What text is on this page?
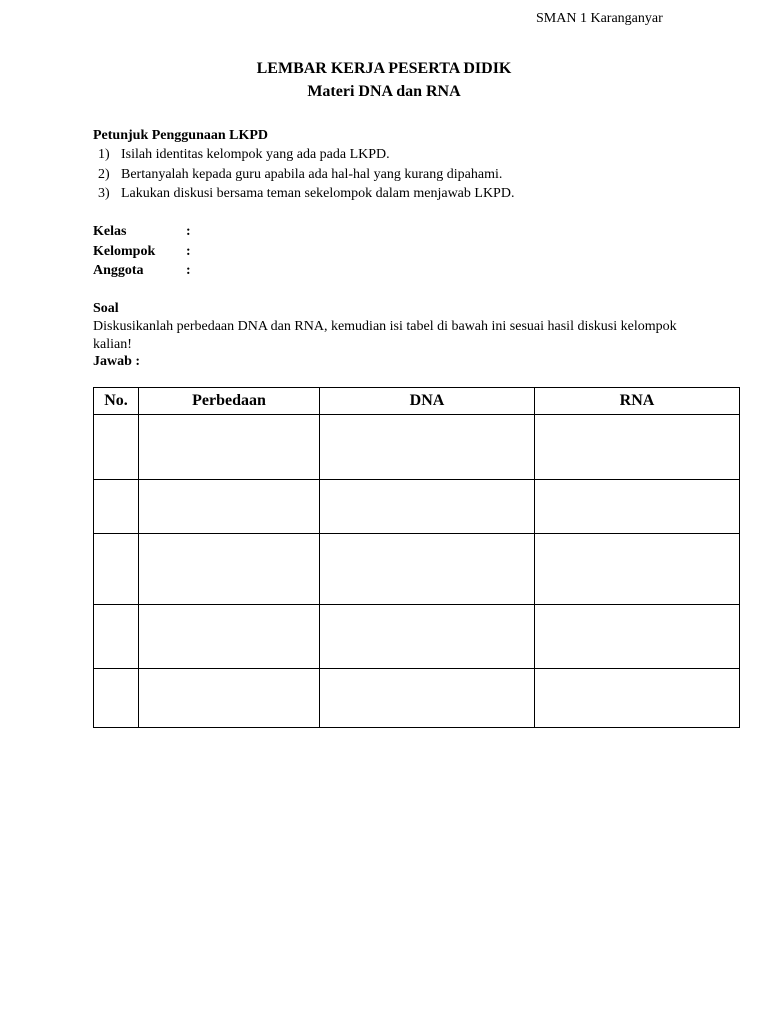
SMAN 1 Karanganyar
LEMBAR KERJA PESERTA DIDIK
Materi DNA dan RNA
Petunjuk Penggunaan LKPD
1) Isilah identitas kelompok yang ada pada LKPD.
2) Bertanyalah kepada guru apabila ada hal-hal yang kurang dipahami.
3) Lakukan diskusi bersama teman sekelompok dalam menjawab LKPD.
Kelas	:
Kelompok	:
Anggota	:
Soal
Diskusikanlah perbedaan DNA dan RNA, kemudian isi tabel di bawah ini sesuai hasil diskusi kelompok kalian!
Jawab :
No.	Perbedaan	DNA	RNA
